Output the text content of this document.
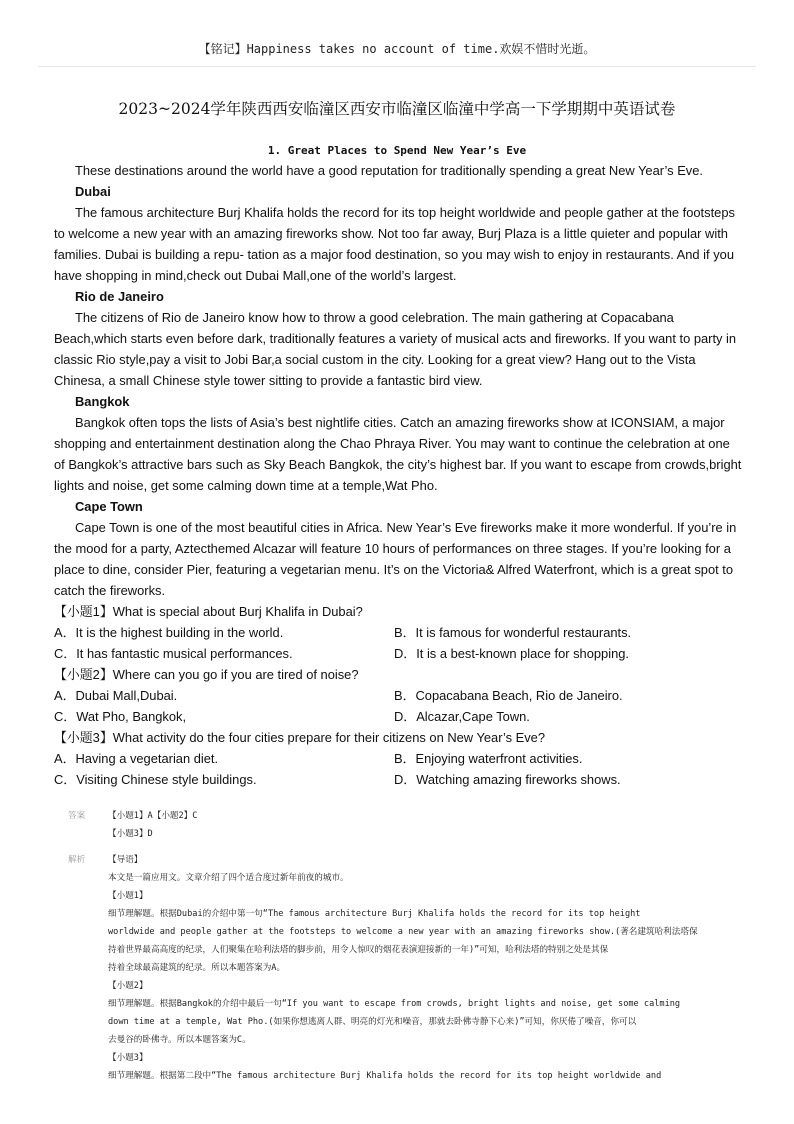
【铭记】Happiness takes no account of time.欢娱不惜时光逝。
2023~2024学年陕西西安临潼区西安市临潼区临潼中学高一下学期期中英语试卷
1. Great Places to Spend New Year’s Eve

These destinations around the world have a good reputation for traditionally spending a great New Year’s Eve.

Dubai

The famous architecture Burj Khalifa holds the record for its top height worldwide and people gather at the footsteps to welcome a new year with an amazing fireworks show. Not too far away, Burj Plaza is a little quieter and popular with families. Dubai is building a repu- tation as a major food destination, so you may wish to enjoy in restaurants. And if you have shopping in mind,check out Dubai Mall,one of the world’s largest.

Rio de Janeiro

The citizens of Rio de Janeiro know how to throw a good celebration. The main gathering at Copacabana Beach,which starts even before dark, traditionally features a variety of musical acts and fireworks. If you want to party in classic Rio style,pay a visit to Jobi Bar,a social custom in the city. Looking for a great view? Hang out to the Vista Chinesa, a small Chinese style tower sitting to provide a fantastic bird view.

Bangkok

Bangkok often tops the lists of Asia’s best nightlife cities. Catch an amazing fireworks show at ICONSIAM, a major shopping and entertainment destination along the Chao Phraya River. You may want to continue the celebration at one of Bangkok’s attractive bars such as Sky Beach Bangkok, the city’s highest bar. If you want to escape from crowds,bright lights and noise, get some calming down time at a temple,Wat Pho.

Cape Town

Cape Town is one of the most beautiful cities in Africa. New Year’s Eve fireworks make it more wonderful. If you’re in the mood for a party, Aztecthemed Alcazar will feature 10 hours of performances on three stages. If you’re looking for a place to dine, consider Pier, featuring a vegetarian menu. It’s on the Victoria& Alfred Waterfront, which is a great spot to catch the fireworks.

【小题1】What is special about Burj Khalifa in Dubai?

A．It is the highest building in the world.	B．It is famous for wonderful restaurants.
C．It has fantastic musical performances.	D．It is a best-known place for shopping.

【小题2】Where can you go if you are tired of noise?

A．Dubai Mall,Dubai.	B．Copacabana Beach, Rio de Janeiro.
C．Wat Pho, Bangkok,	D．Alcazar,Cape Town.

【小题3】What activity do the four cities prepare for their citizens on New Year’s Eve?

A．Having a vegetarian diet.	B．Enjoying waterfront activities.
C．Visiting Chinese style buildings.	D．Watching amazing fireworks shows.
答案	【小题1】A【小题2】C

【小题3】D

解析	【导语】

本文是一篇应用文。文章介绍了四个适合度过新年前夜的城市。

【小题1】

细节理解题。根据Dubai的介绍中第一句“The famous architecture Burj Khalifa holds the record for its top height

worldwide and people gather at the footsteps to welcome a new year with an amazing fireworks show.(著名建筑哈利法塔保

持着世界最高高度的纪录，人们聚集在哈利法塔的脚步前，用令人惊叹的烟花表演迎接新的一年)”可知，哈利法塔的特别之处是其保

持着全球最高建筑的纪录。所以本题答案为A。

【小题2】

细节理解题。根据Bangkok的介绍中最后一句“If you want to escape from crowds, bright lights and noise, get some calming

down time at a temple, Wat Pho.(如果你想逃离人群、明亮的灯光和噪音，那就去卧佛寺静下心来)”可知，你厌倦了噪音，你可以

去曼谷的卧佛寺。所以本题答案为C。

【小题3】

细节理解题。根据第二段中“The famous architecture Burj Khalifa holds the record for its top height worldwide and
